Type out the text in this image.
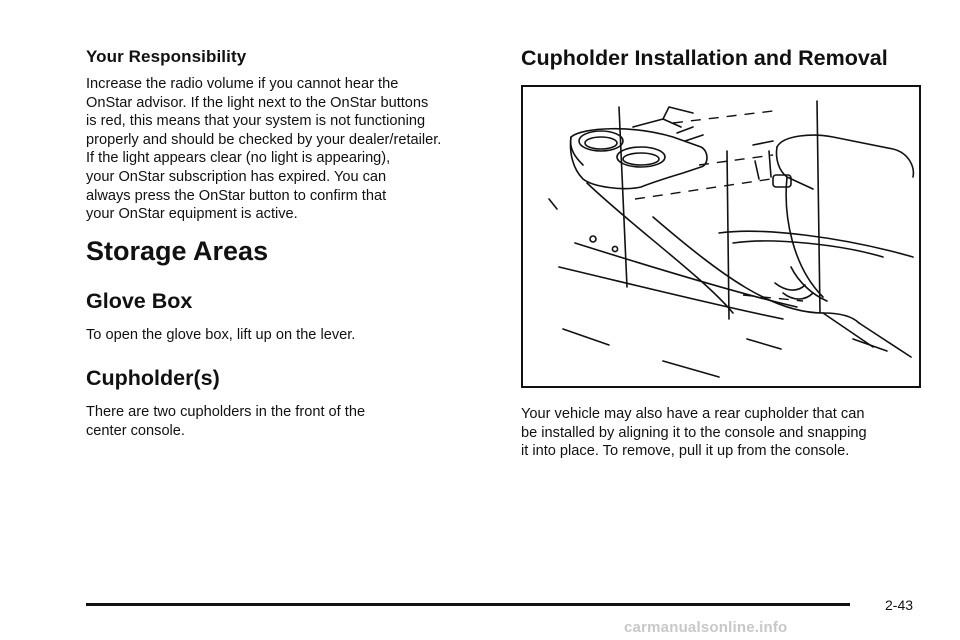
Your Responsibility

Increase the radio volume if you cannot hear the
OnStar advisor. If the light next to the OnStar buttons
is red, this means that your system is not functioning
properly and should be checked by your dealer/retailer.
If the light appears clear (no light is appearing),
your OnStar subscription has expired. You can
always press the OnStar button to confirm that
your OnStar equipment is active.

Storage Areas
Glove Box

To open the glove box, lift up on the lever.

Cupholder(s)

There are two cupholders in the front of the
center console.

Cupholder Installation and Removal

Your vehicle may also have a rear cupholder that can
be installed by aligning it to the console and snapping
it into place. To remove, pull it up from the console.

2-43
carmanualsonline.info
